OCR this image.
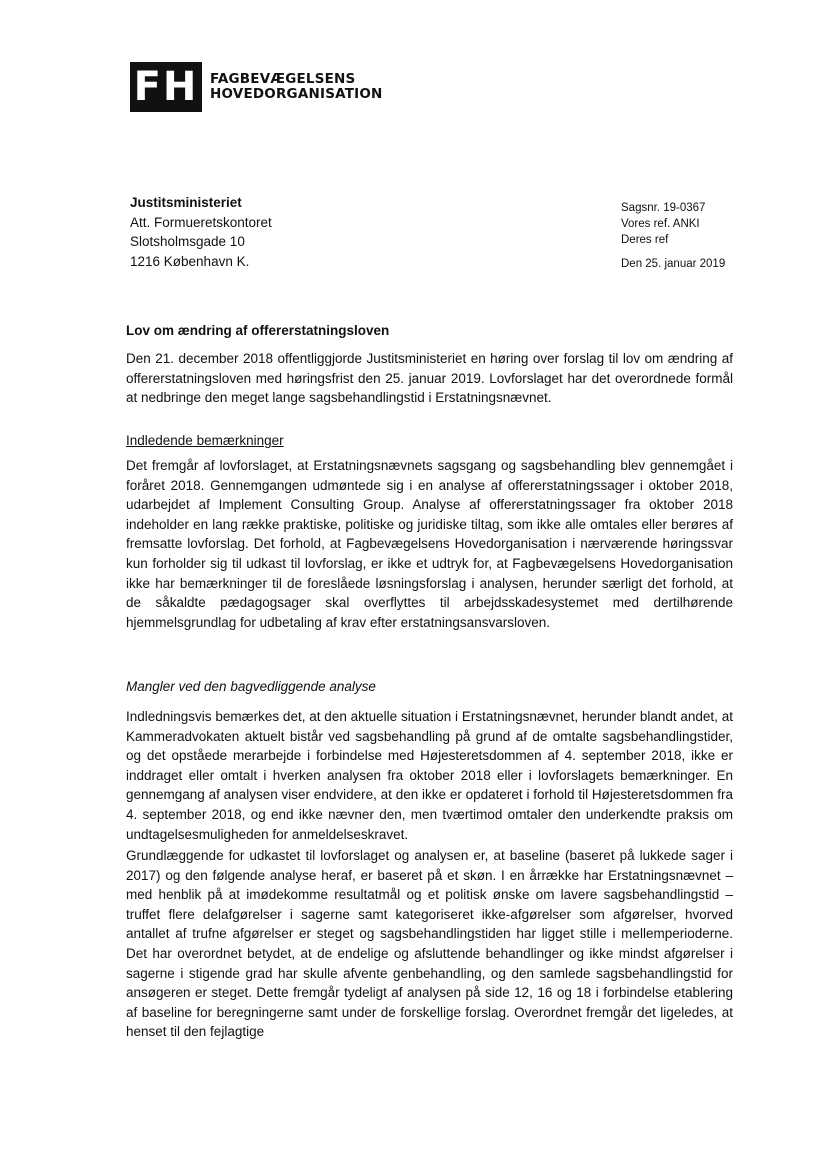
FH FAGBEVÆGELSENS
HOVEDORGANISATION
Justitsministeriet
Att. Formueretskontoret
Slotsholmsgade 10
1216 København K.
Sagsnr. 19-0367
Vores ref. ANKI
Deres ref
Den 25. januar 2019
Lov om ændring af offererstatningsloven

Den 21. december 2018 offentliggjorde Justitsministeriet en høring over forslag til lov om ændring af offererstatningsloven med høringsfrist den 25. januar 2019. Lovforslaget har det overordnede formål at nedbringe den meget lange sagsbehandlingstid i Erstatningsnævnet.

Indledende bemærkninger

Det fremgår af lovforslaget, at Erstatningsnævnets sagsgang og sagsbehandling blev gennemgået i foråret 2018. Gennemgangen udmøntede sig i en analyse af offererstatningssager i oktober 2018, udarbejdet af Implement Consulting Group. Analyse af offererstatningssager fra oktober 2018 indeholder en lang række praktiske, politiske og juridiske tiltag, som ikke alle omtales eller berøres af fremsatte lovforslag. Det forhold, at Fagbevægelsens Hovedorganisation i nærværende høringssvar kun forholder sig til udkast til lovforslag, er ikke et udtryk for, at Fagbevægelsens Hovedorganisation ikke har bemærkninger til de foreslåede løsningsforslag i analysen, herunder særligt det forhold, at de såkaldte pædagogsager skal overflyttes til arbejdsskadesystemet med dertilhørende hjemmelsgrundlag for udbetaling af krav efter erstatningsansvarsloven.

Mangler ved den bagvedliggende analyse

Indledningsvis bemærkes det, at den aktuelle situation i Erstatningsnævnet, herunder blandt andet, at Kammeradvokaten aktuelt bistår ved sagsbehandling på grund af de omtalte sagsbehandlingstider, og det opståede merarbejde i forbindelse med Højesteretsdommen af 4. september 2018, ikke er inddraget eller omtalt i hverken analysen fra oktober 2018 eller i lovforslagets bemærkninger. En gennemgang af analysen viser endvidere, at den ikke er opdateret i forhold til Højesteretsdommen fra 4. september 2018, og end ikke nævner den, men tværtimod omtaler den underkendte praksis om undtagelsesmuligheden for anmeldelseskravet.

Grundlæggende for udkastet til lovforslaget og analysen er, at baseline (baseret på lukkede sager i 2017) og den følgende analyse heraf, er baseret på et skøn. I en årrække har Erstatningsnævnet – med henblik på at imødekomme resultatmål og et politisk ønske om lavere sagsbehandlingstid – truffet flere delafgørelser i sagerne samt kategoriseret ikke-afgørelser som afgørelser, hvorved antallet af trufne afgørelser er steget og sagsbehandlingstiden har ligget stille i mellemperioderne. Det har overordnet betydet, at de endelige og afsluttende behandlinger og ikke mindst afgørelser i sagerne i stigende grad har skulle afvente genbehandling, og den samlede sagsbehandlingstid for ansøgeren er steget. Dette fremgår tydeligt af analysen på side 12, 16 og 18 i forbindelse etablering af baseline for beregningerne samt under de forskellige forslag. Overordnet fremgår det ligeledes, at henset til den fejlagtige
